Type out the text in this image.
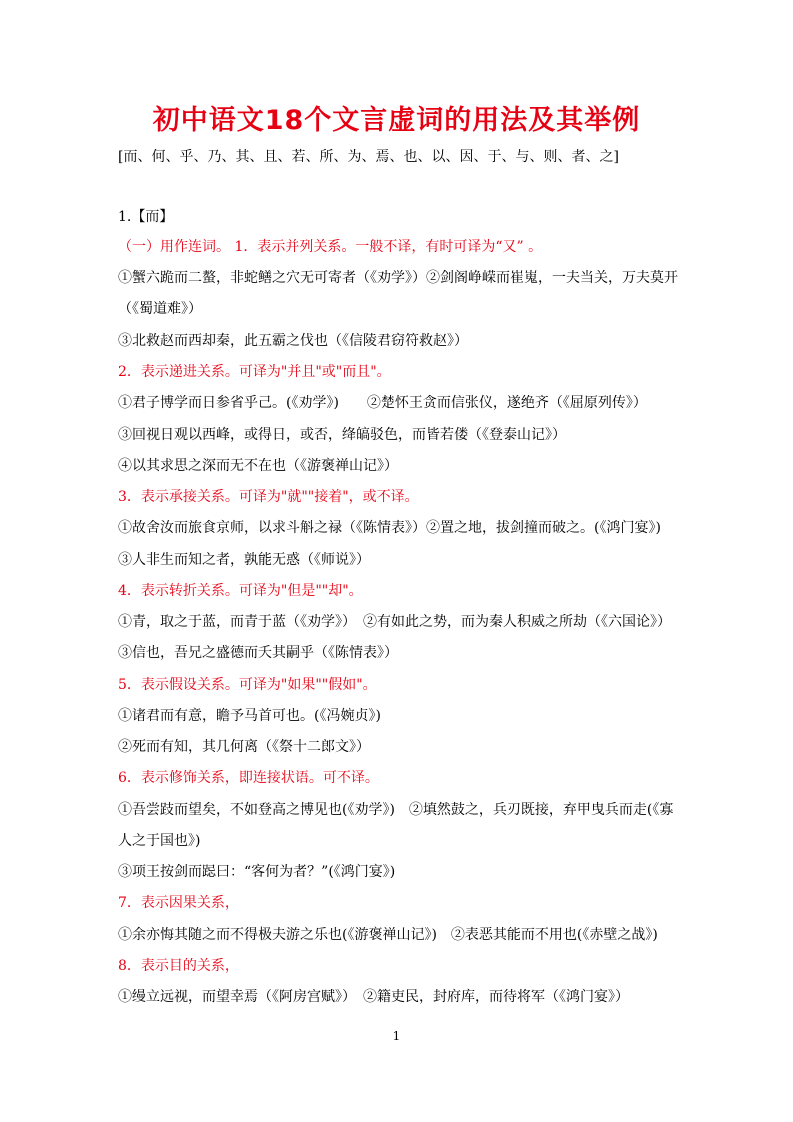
初中语文18个文言虚词的用法及其举例
[而、何、乎、乃、其、且、若、所、为、焉、也、以、因、于、与、则、者、之]
1.【而】
（一）用作连词。 1．表示并列关系。一般不译，有时可译为“又” 。
①蟹六跪而二螯，非蛇鳝之穴无可寄者（《劝学》）②剑阁峥嵘而崔嵬，一夫当关，万夫莫开
（《蜀道难》）
③北救赵而西却秦，此五霸之伐也（《信陵君窃符救赵》）
2．表示递进关系。可译为"并且"或"而且"。
①君子博学而日参省乎己。(《劝学》)　　②楚怀王贪而信张仪，遂绝齐（《屈原列传》）
③回视日观以西峰，或得日，或否，绛皜驳色，而皆若偻（《登泰山记》）
④以其求思之深而无不在也（《游褒禅山记》）
3．表示承接关系。可译为"就""接着"，或不译。
①故舍汝而旅食京师，以求斗斛之禄（《陈情表》）②置之地，拔剑撞而破之。(《鸿门宴》)
③人非生而知之者，孰能无惑（《师说》）
4．表示转折关系。可译为"但是""却"。
①青，取之于蓝，而青于蓝（《劝学》）　②有如此之势，而为秦人积威之所劫（《六国论》）
③信也，吾兄之盛德而夭其嗣乎（《陈情表》）
5．表示假设关系。可译为"如果""假如"。
①诸君而有意，瞻予马首可也。(《冯婉贞》)
②死而有知，其几何离（《祭十二郎文》）
6．表示修饰关系，即连接状语。可不译。
①吾尝跂而望矣，不如登高之博见也(《劝学》)　②填然鼓之，兵刃既接，弃甲曳兵而走(《寡
人之于国也》)
③项王按剑而跽曰：“客何为者？”(《鸿门宴》)
7．表示因果关系，
①余亦悔其随之而不得极夫游之乐也(《游褒禅山记》)　②表恶其能而不用也(《赤壁之战》)
8．表示目的关系，
①缦立远视，而望幸焉（《阿房宫赋》）　②籍吏民，封府库，而待将军（《鸿门宴》）
1
